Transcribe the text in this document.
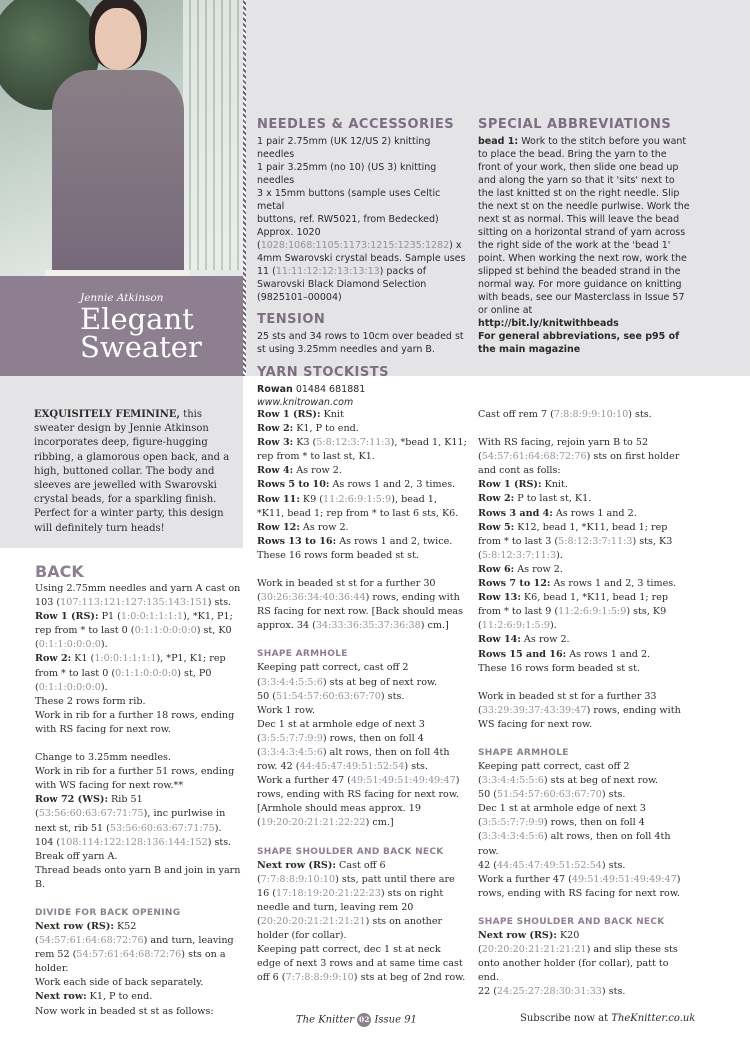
Jennie Atkinson
Elegant
Sweater
NEEDLES & ACCESSORIES

1 pair 2.75mm (UK 12/US 2) knitting needles

1 pair 3.25mm (no 10) (US 3) knitting needles

3 x 15mm buttons (sample uses Celtic metal

buttons, ref. RW5021, from Bedecked)

Approx. 1020 (1028:1068:1105:1173:1215:1235:1282) x 4mm Swarovski crystal beads. Sample uses 11 (11:11:12:12:13:13:13) packs of Swarovski Black Diamond Selection (9825101–00004)

TENSION

25 sts and 34 rows to 10cm over beaded st st using 3.25mm needles and yarn B.

YARN STOCKISTS

Rowan 01484 681881

www.knitrowan.com

SPECIAL ABBREVIATIONS

bead 1: Work to the stitch before you want to place the bead. Bring the yarn to the front of your work, then slide one bead up and along the yarn so that it 'sits' next to the last knitted st on the right needle. Slip the next st on the needle purlwise. Work the next st as normal. This will leave the bead sitting on a horizontal strand of yarn across the right side of the work at the 'bead 1' point. When working the next row, work the slipped st behind the beaded strand in the normal way. For more guidance on knitting with beads, see our Masterclass in Issue 57 or online at

http://bit.ly/knitwithbeads

For general abbreviations, see p95 of the main magazine

EXQUISITELY FEMININE, this sweater design by Jennie Atkinson incorporates deep, figure-hugging ribbing, a glamorous open back, and a high, buttoned collar. The body and sleeves are jewelled with Swarovski crystal beads, for a sparkling finish. Perfect for a winter party, this design will definitely turn heads!

BACK

Using 2.75mm needles and yarn A cast on 103 (107:113:121:127:135:143:151) sts.

Row 1 (RS): P1 (1:0:0:1:1:1:1), *K1, P1; rep from * to last 0 (0:1:1:0:0:0:0) st, K0 (0:1:1:0:0:0:0).

Row 2: K1 (1:0:0:1:1:1:1), *P1, K1; rep from * to last 0 (0:1:1:0:0:0:0) st, P0 (0:1:1:0:0:0:0).

These 2 rows form rib.

Work in rib for a further 18 rows, ending with RS facing for next row.

Change to 3.25mm needles.

Work in rib for a further 51 rows, ending with WS facing for next row.**

Row 72 (WS): Rib 51 (53:56:60:63:67:71:75), inc purlwise in next st, rib 51 (53:56:60:63:67:71:75).

104 (108:114:122:128:136:144:152) sts.

Break off yarn A.

Thread beads onto yarn B and join in yarn B.

DIVIDE FOR BACK OPENING

Next row (RS): K52 (54:57:61:64:68:72:76) and turn, leaving rem 52 (54:57:61:64:68:72:76) sts on a holder.

Work each side of back separately.

Next row: K1, P to end.

Now work in beaded st st as follows:

Row 1 (RS): Knit

Row 2: K1, P to end.

Row 3: K3 (5:8:12:3:7:11:3), *bead 1, K11; rep from * to last st, K1.

Row 4: As row 2.

Rows 5 to 10: As rows 1 and 2, 3 times.

Row 11: K9 (11:2:6:9:1:5:9), bead 1, *K11, bead 1; rep from * to last 6 sts, K6.

Row 12: As row 2.

Rows 13 to 16: As rows 1 and 2, twice.

These 16 rows form beaded st st.

Work in beaded st st for a further 30 (30:26:36:34:40:36:44) rows, ending with RS facing for next row. [Back should meas approx. 34 (34:33:36:35:37:36:38) cm.]

SHAPE ARMHOLE

Keeping patt correct, cast off 2 (3:3:4:4:5:5:6) sts at beg of next row.

50 (51:54:57:60:63:67:70) sts.

Work 1 row.

Dec 1 st at armhole edge of next 3 (3:5:5:7:7:9:9) rows, then on foll 4 (3:3:4:3:4:5:6) alt rows, then on foll 4th row. 42 (44:45:47:49:51:52:54) sts.

Work a further 47 (49:51:49:51:49:49:47) rows, ending with RS facing for next row. [Armhole should meas approx. 19 (19:20:20:21:21:22:22) cm.]

SHAPE SHOULDER AND BACK NECK

Next row (RS): Cast off 6 (7:7:8:8:9:10:10) sts, patt until there are 16 (17:18:19:20:21:22:23) sts on right needle and turn, leaving rem 20 (20:20:20:21:21:21:21) sts on another holder (for collar).

Keeping patt correct, dec 1 st at neck edge of next 3 rows and at same time cast off 6 (7:7:8:8:9:9:10) sts at beg of 2nd row.

Cast off rem 7 (7:8:8:9:9:10:10) sts.

With RS facing, rejoin yarn B to 52 (54:57:61:64:68:72:76) sts on first holder and cont as folls:

Row 1 (RS): Knit.

Row 2: P to last st, K1.

Rows 3 and 4: As rows 1 and 2.

Row 5: K12, bead 1, *K11, bead 1; rep from * to last 3 (5:8:12:3:7:11:3) sts, K3 (5:8:12:3:7:11:3).

Row 6: As row 2.

Rows 7 to 12: As rows 1 and 2, 3 times.

Row 13: K6, bead 1, *K11, bead 1; rep from * to last 9 (11:2:6:9:1:5:9) sts, K9 (11:2:6:9:1:5:9).

Row 14: As row 2.

Rows 15 and 16: As rows 1 and 2.

These 16 rows form beaded st st.

Work in beaded st st for a further 33 (33:29:39:37:43:39:47) rows, ending with WS facing for next row.

SHAPE ARMHOLE

Keeping patt correct, cast off 2 (3:3:4:4:5:5:6) sts at beg of next row.

50 (51:54:57:60:63:67:70) sts.

Dec 1 st at armhole edge of next 3 (3:5:5:7:7:9:9) rows, then on foll 4 (3:3:4:3:4:5:6) alt rows, then on foll 4th row.

42 (44:45:47:49:51:52:54) sts.

Work a further 47 (49:51:49:51:49:49:47) rows, ending with RS facing for next row.

SHAPE SHOULDER AND BACK NECK

Next row (RS): K20 (20:20:20:21:21:21:21) and slip these sts onto another holder (for collar), patt to end.

22 (24:25:27:28:30:31:33) sts.

The Knitter 02 Issue 91	Subscribe now at TheKnitter.co.uk
